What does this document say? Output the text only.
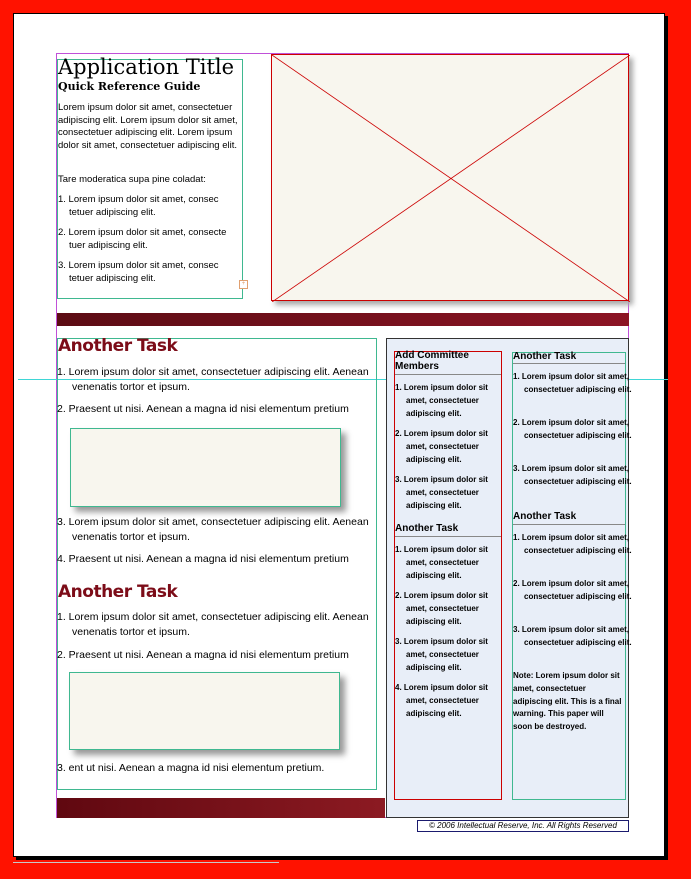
Application Title
Quick Reference Guide
Lorem ipsum dolor sit amet, consectetuer adipiscing elit. Lorem ipsum dolor sit amet, consectetuer adipiscing elit. Lorem ipsum dolor sit amet, consectetuer adipiscing elit.
Tare moderatica supa pine coladat:
1. Lorem ipsum dolor sit amet, consec tetuer adipiscing elit.
2. Lorem ipsum dolor sit amet, consecte tuer adipiscing elit.
3. Lorem ipsum dolor sit amet, consec tetuer adipiscing elit.
+
Another Task
1. Lorem ipsum dolor sit amet, consectetuer adipiscing elit. Aenean venenatis tortor et ipsum.
2. Praesent ut nisi. Aenean a magna id nisi elementum pretium
3. Lorem ipsum dolor sit amet, consectetuer adipiscing elit. Aenean venenatis tortor et ipsum.
4. Praesent ut nisi. Aenean a magna id nisi elementum pretium
Another Task
1. Lorem ipsum dolor sit amet, consectetuer adipiscing elit. Aenean venenatis tortor et ipsum.
2. Praesent ut nisi. Aenean a magna id nisi elementum pretium
3. ent ut nisi. Aenean a magna id nisi elementum pretium.
Add Committee Members
1. Lorem ipsum dolor sit amet, consectetuer adipiscing elit.
2. Lorem ipsum dolor sit amet, consectetuer adipiscing elit.
3. Lorem ipsum dolor sit amet, consectetuer adipiscing elit.
Another Task
1. Lorem ipsum dolor sit amet, consectetuer adipiscing elit.
2. Lorem ipsum dolor sit amet, consectetuer adipiscing elit.
3. Lorem ipsum dolor sit amet, consectetuer adipiscing elit.
4. Lorem ipsum dolor sit amet, consectetuer adipiscing elit.
Another Task
1. Lorem ipsum dolor sit amet, consectetuer adipiscing elit.
2. Lorem ipsum dolor sit amet, consectetuer adipiscing elit.
3. Lorem ipsum dolor sit amet, consectetuer adipiscing elit.
Another Task
1. Lorem ipsum dolor sit amet, consectetuer adipiscing elit.
2. Lorem ipsum dolor sit amet, consectetuer adipiscing elit.
3. Lorem ipsum dolor sit amet, consectetuer adipiscing elit.
Note: Lorem ipsum dolor sit amet, consectetuer adipiscing elit. This is a final warning. This paper will soon be destroyed.
© 2006 Intellectual Reserve, Inc. All Rights Reserved
